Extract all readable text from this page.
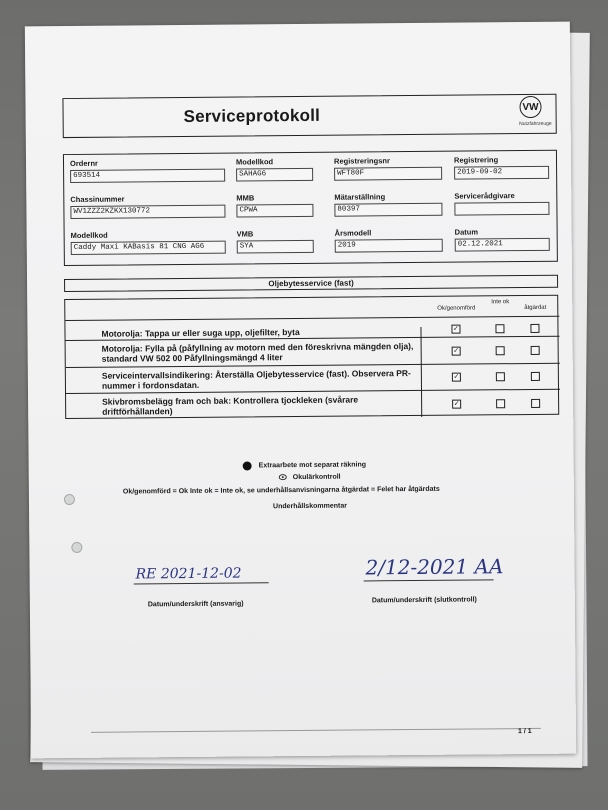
Serviceprotokoll	VW
Nutzfahrzeuge
Ordernr
693514
Modellkod
SAHAG6
Registreringsnr
WFT80F
Registrering
2019-09-02
Chassinummer
WV1ZZZ2KZKX130772
MMB
CPWA
Mätarställning
80397
Servicerådgivare
Modellkod
Caddy Maxi KABasis 81 CNG AG6
VMB
SYA
Årsmodell
2019
Datum
02.12.2021
Oljebytesservice (fast)
Ok/genomförd
Inte ok
åtgärdat
Motorolja: Tappa ur eller suga upp, oljefilter, byta	✓
Motorolja: Fylla på (påfyllning av motorn med den föreskrivna mängden olja), standard VW 502 00 Påfyllningsmängd 4 liter
✓
Serviceintervallsindikering: Återställa Oljebytesservice (fast). Observera PR-nummer i fordonsdatan.
✓
Skivbromsbelägg fram och bak: Kontrollera tjockleken (svårare driftförhållanden)
✓
Extraarbete mot separat räkning
Okulärkontroll
Ok/genomförd = Ok Inte ok = Inte ok, se underhållsanvisningarna åtgärdat = Felet har åtgärdats
Underhållskommentar
RE 2021-12-02
Datum/underskrift (ansvarig)
2/12-2021 AA
Datum/underskrift (slutkontroll)
1 / 1
